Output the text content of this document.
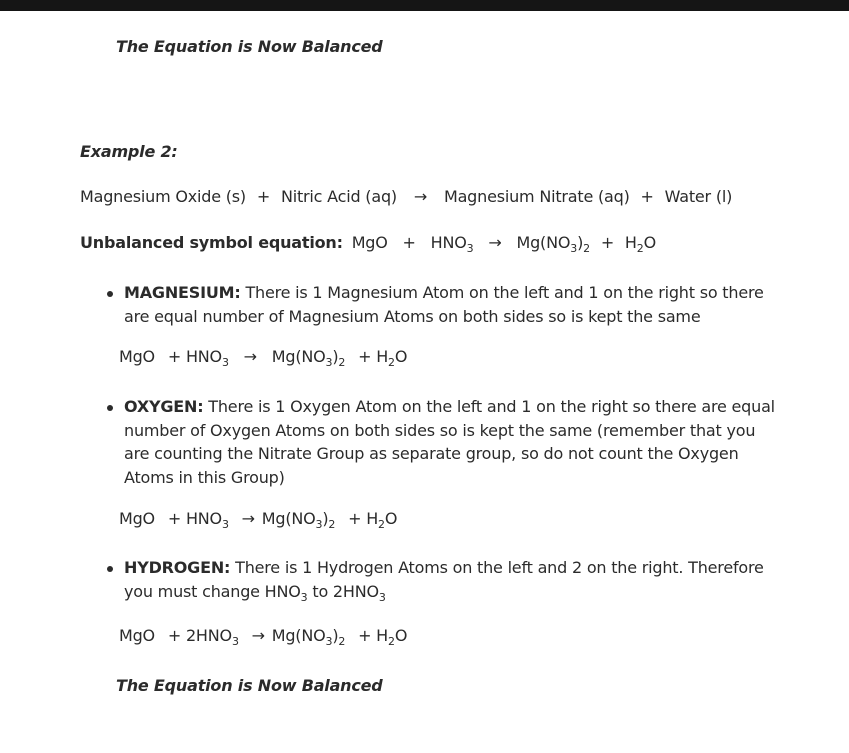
The Equation is Now Balanced
Example 2:
Magnesium Oxide (s) + Nitric Acid (aq) → Magnesium Nitrate (aq) + Water (l)
Unbalanced symbol equation: MgO + $HNO_3 \to Mg(NO_3)_2 + H_2O$
MAGNESIUM: There is 1 Magnesium Atom on the left and 1 on the right so there are equal number of Magnesium Atoms on both sides so is kept the same
MgO + $HNO_3 \to Mg(NO_3)_2 + H_2O$
OXYGEN: There is 1 Oxygen Atom on the left and 1 on the right so there are equal number of Oxygen Atoms on both sides so is kept the same (remember that you are counting the Nitrate Group as separate group, so do not count the Oxygen Atoms in this Group)
MgO + $HNO_3 \to Mg(NO_3)_2 + H_2O$
HYDROGEN: There is 1 Hydrogen Atoms on the left and 2 on the right. Therefore you must change $HNO_3$ to $2HNO_3$
MgO + $2HNO_3 \to Mg(NO_3)_2 + H_2O$
The Equation is Now Balanced
